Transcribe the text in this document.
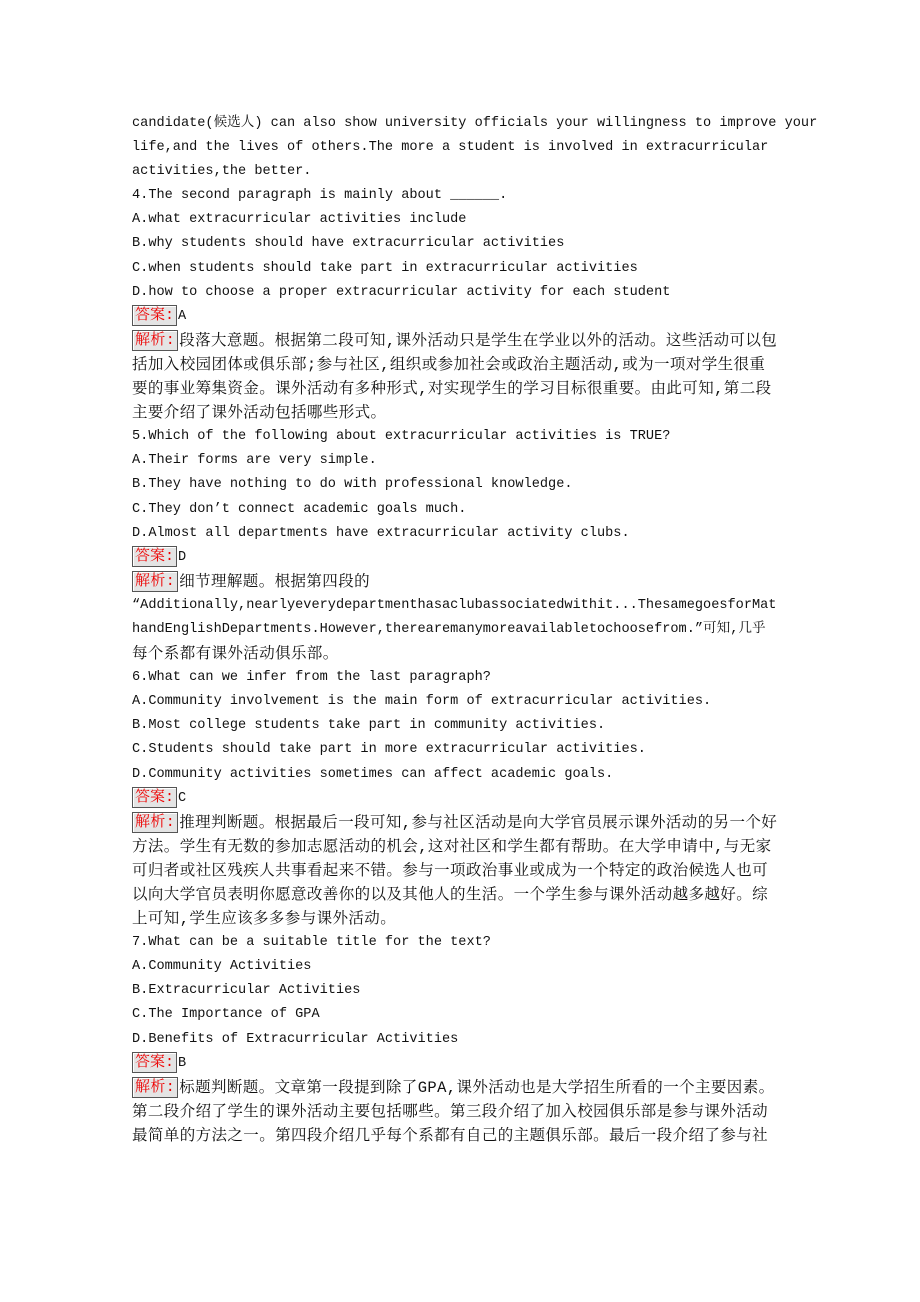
candidate(候选人) can also show university officials your willingness to improve your
life,and the lives of others.The more a student is involved in extracurricular
activities,the better.
4.The second paragraph is mainly about ______.
A.what extracurricular activities include
B.why students should have extracurricular activities
C.when students should take part in extracurricular activities
D.how to choose a proper extracurricular activity for each student
答案: A
解析: 段落大意题。根据第二段可知,课外活动只是学生在学业以外的活动。这些活动可以包
括加入校园团体或俱乐部;参与社区,组织或参加社会或政治主题活动,或为一项对学生很重
要的事业筹集资金。课外活动有多种形式,对实现学生的学习目标很重要。由此可知,第二段
主要介绍了课外活动包括哪些形式。
5.Which of the following about extracurricular activities is TRUE?
A.Their forms are very simple.
B.They have nothing to do with professional knowledge.
C.They don’t connect academic goals much.
D.Almost all departments have extracurricular activity clubs.
答案: D
解析: 细节理解题。根据第四段的
“Additionally,nearlyeverydepartmenthasaclubassociatedwithit...ThesamegoesforMat
handEnglishDepartments.However,therearemanymoreavailabletochoosefrom.”可知,几乎
每个系都有课外活动俱乐部。
6.What can we infer from the last paragraph?
A.Community involvement is the main form of extracurricular activities.
B.Most college students take part in community activities.
C.Students should take part in more extracurricular activities.
D.Community activities sometimes can affect academic goals.
答案: C
解析: 推理判断题。根据最后一段可知,参与社区活动是向大学官员展示课外活动的另一个好
方法。学生有无数的参加志愿活动的机会,这对社区和学生都有帮助。在大学申请中,与无家
可归者或社区残疾人共事看起来不错。参与一项政治事业或成为一个特定的政治候选人也可
以向大学官员表明你愿意改善你的以及其他人的生活。一个学生参与课外活动越多越好。综
上可知,学生应该多多参与课外活动。
7.What can be a suitable title for the text?
A.Community Activities
B.Extracurricular Activities
C.The Importance of GPA
D.Benefits of Extracurricular Activities
答案: B
解析: 标题判断题。文章第一段提到除了GPA,课外活动也是大学招生所看的一个主要因素。
第二段介绍了学生的课外活动主要包括哪些。第三段介绍了加入校园俱乐部是参与课外活动
最简单的方法之一。第四段介绍几乎每个系都有自己的主题俱乐部。最后一段介绍了参与社
